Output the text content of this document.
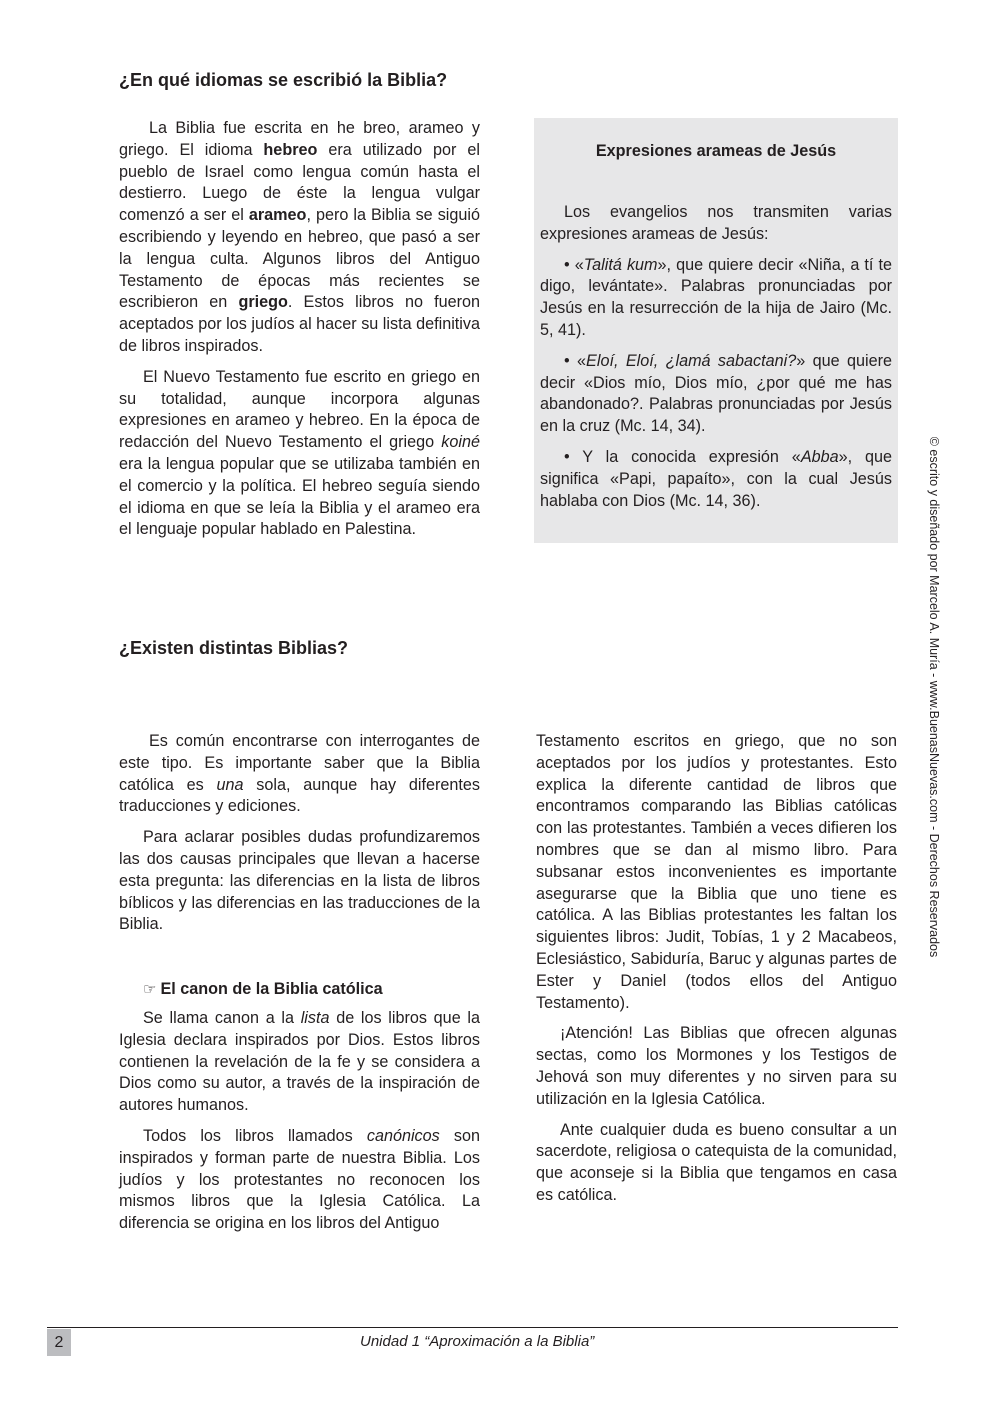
¿En qué idiomas se escribió la Biblia?

La Biblia fue escrita en he breo, arameo y griego. El idioma hebreo era utilizado por el pueblo de Israel como lengua común hasta el destierro. Luego de éste la lengua vulgar comenzó a ser el arameo, pero la Biblia se siguió escribiendo y leyendo en hebreo, que pasó a ser la lengua culta. Algunos libros del Antiguo Testamento de épocas más recientes se escribieron en griego. Estos libros no fueron aceptados por los judíos al hacer su lista definitiva de libros inspirados.

El Nuevo Testamento fue escrito en griego en su totalidad, aunque incorpora algunas expresiones en arameo y hebreo. En la época de redacción del Nuevo Testamento el griego koiné era la lengua popular que se utilizaba también en el comercio y la política. El hebreo seguía siendo el idioma en que se leía la Biblia y el arameo era el lenguaje popular hablado en Palestina.

Expresiones arameas de Jesús

Los evangelios nos transmiten varias expresiones arameas de Jesús:

• «Talitá kum», que quiere decir «Niña, a tí te digo, levántate». Palabras pronunciadas por Jesús en la resurrección de la hija de Jairo (Mc. 5, 41).

• «Eloí, Eloí, ¿lamá sabactani?» que quiere decir «Dios mío, Dios mío, ¿por qué me has abandonado?. Palabras pronunciadas por Jesús en la cruz (Mc. 14, 34).

• Y la conocida expresión «Abba», que significa «Papi, papaíto», con la cual Jesús hablaba con Dios (Mc. 14, 36).

¿Existen distintas Biblias?

Es común encontrarse con interrogantes de este tipo. Es importante saber que la Biblia católica es una sola, aunque hay diferentes traducciones y ediciones.

Para aclarar posibles dudas profundizaremos las dos causas principales que llevan a hacerse esta pregunta: las diferencias en la lista de libros bíblicos y las diferencias en las traducciones de la Biblia.

☞ El canon de la Biblia católica

Se llama canon a la lista de los libros que la Iglesia declara inspirados por Dios. Estos libros contienen la revelación de la fe y se considera a Dios como su autor, a través de la inspiración de autores humanos.

Todos los libros llamados canónicos son inspirados y forman parte de nuestra Biblia. Los judíos y los protestantes no reconocen los mismos libros que la Iglesia Católica. La diferencia se origina en los libros del Antiguo

Testamento escritos en griego, que no son aceptados por los judíos y protestantes. Esto explica la diferente cantidad de libros que encontramos comparando las Biblias católicas con las protestantes. También a veces difieren los nombres que se dan al mismo libro. Para subsanar estos inconvenientes es importante asegurarse que la Biblia que uno tiene es católica. A las Biblias protestantes les faltan los siguientes libros: Judit, Tobías, 1 y 2 Macabeos, Eclesiástico, Sabiduría, Baruc y algunas partes de Ester y Daniel (todos ellos del Antiguo Testamento).

¡Atención! Las Biblias que ofrecen algunas sectas, como los Mormones y los Testigos de Jehová son muy diferentes y no sirven para su utilización en la Iglesia Católica.

Ante cualquier duda es bueno consultar a un sacerdote, religiosa o catequista de la comunidad, que aconseje si la Biblia que tengamos en casa es católica.

© escrito y diseñado por Marcelo A. Muría - www.BuenasNuevas.com - Derechos Reservados
2	Unidad 1 “Aproximación a la Biblia”
